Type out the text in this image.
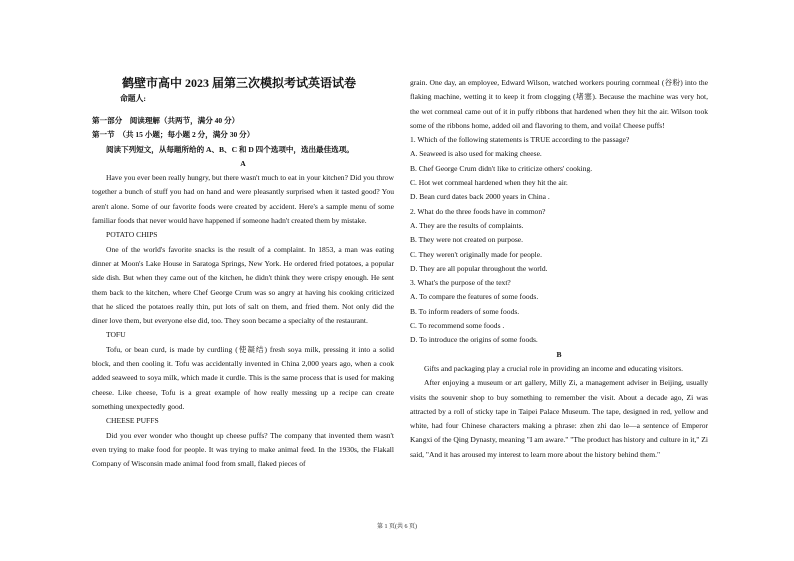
鹤壁市高中 2023 届第三次模拟考试英语试卷
命题人:

第一部分　阅读理解（共两节，满分 40 分）

第一节　（共 15 小题；每小题 2 分，满分 30 分）

阅读下列短文，从每题所给的 A、B、C 和 D 四个选项中，选出最佳选项。

A

Have you ever been really hungry, but there wasn't much to eat in your kitchen? Did you throw together a bunch of stuff you had on hand and were pleasantly surprised when it tasted good? You aren't alone. Some of our favorite foods were created by accident. Here's a sample menu of some familiar foods that never would have happened if someone hadn't created them by mistake.

POTATO CHIPS

One of the world's favorite snacks is the result of a complaint. In 1853, a man was eating dinner at Moon's Lake House in Saratoga Springs, New York. He ordered fried potatoes, a popular side dish. But when they came out of the kitchen, he didn't think they were crispy enough. He sent them back to the kitchen, where Chef George Crum was so angry at having his cooking criticized that he sliced the potatoes really thin, put lots of salt on them, and fried them. Not only did the diner love them, but everyone else did, too. They soon became a specialty of the restaurant.

TOFU

Tofu, or bean curd, is made by curdling (使凝结) fresh soya milk, pressing it into a solid block, and then cooling it. Tofu was accidentally invented in China 2,000 years ago, when a cook added seaweed to soya milk, which made it curdle. This is the same process that is used for making cheese. Like cheese, Tofu is a great example of how really messing up a recipe can create something unexpectedly good.

CHEESE PUFFS

Did you ever wonder who thought up cheese puffs? The company that invented them wasn't even trying to make food for people. It was trying to make animal feed. In the 1930s, the Flakall Company of Wisconsin made animal food from small, flaked pieces of

grain. One day, an employee, Edward Wilson, watched workers pouring cornmeal (谷粉) into the flaking machine, wetting it to keep it from clogging (堵塞). Because the machine was very hot, the wet cornmeal came out of it in puffy ribbons that hardened when they hit the air. Wilson took some of the ribbons home, added oil and flavoring to them, and voila! Cheese puffs!

1. Which of the following statements is TRUE according to the passage?

A. Seaweed is also used for making cheese.

B. Chef George Crum didn't like to criticize others' cooking.

C. Hot wet cornmeal hardened when they hit the air.

D. Bean curd dates back 2000 years in China .

2. What do the three foods have in common?

A. They are the results of complaints.

B. They were not created on purpose.

C. They weren't originally made for people.

D. They are all popular throughout the world.

3. What's the purpose of the text?

A. To compare the features of some foods.

B. To inform readers of some foods.

C. To recommend some foods .

D. To introduce the origins of some foods.

B

Gifts and packaging play a crucial role in providing an income and educating visitors.

After enjoying a museum or art gallery, Milly Zi, a management adviser in Beijing, usually visits the souvenir shop to buy something to remember the visit. About a decade ago, Zi was attracted by a roll of sticky tape in Taipei Palace Museum. The tape, designed in red, yellow and white, had four Chinese characters making a phrase: zhen zhi dao le—a sentence of Emperor Kangxi of the Qing Dynasty, meaning "I am aware." "The product has history and culture in it," Zi said, "And it has aroused my interest to learn more about the history behind them."

第 1 页(共 6 页)
